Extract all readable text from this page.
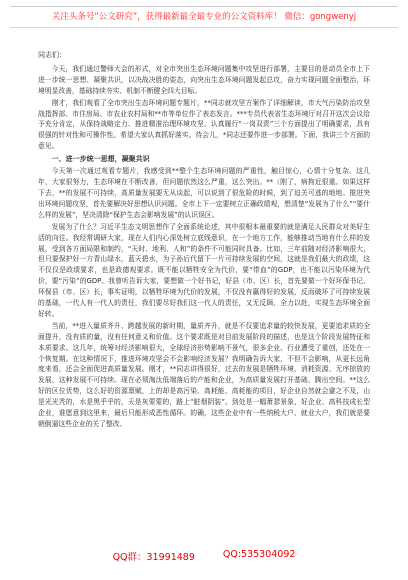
关注头条号“公文研究”，获得最新最全最专业的公文资料库！ 微信：gongwenyj

同志们：

今天，我们通过警师大会的形式，对全市突出生态环境问题集中攻坚进行部署，主要目的是动员全市上下进一步统一思想、凝聚共识，以决战决胜的姿态，向突出生态环境问题发起总攻，奋力实现问题全面整治，环境明显改善，基础持续夯实、机制不断健全四大目标。

刚才，我们观看了全市突出生态环境问题专题片，**同志就攻坚方案作了详细解读，市大气污染防治攻坚战指挥部、市住房局、市农业农村局和**市等单位作了表态发言。***专员代表省生态环境厅对召开这次会议给予充分肯定，从保持战略定力、推进精准治理环境攻坚、认真履行“一岗双责”三个方面提出了明确要求，具有很强的针对性和可操作性。希望大家认真抓好落实。待会儿，*同志还要作进一步部署。下面，我讲三个方面的意见。

一、进一步统一思想，凝聚共识

今天第一次通过观看专题片，我感受到**整个生态环境问题的严重性，触目惊心，心情十分复杂。这几年，大家很努力，生态环境在不断改善，但问题依然这么严重，这么突出。**（刚了，病拘近很重。如果这样下去，**的发展不可持续，高质量发展要无从谈起，可以说到了很危险的时候，到了迫关可逃的地地。推进突出环境问题攻坚，首先要解决好思想认识问题。全市上下一定要树立正确政绩观，想清楚“发展为了什么”“要什么样的发展”，坚决清除“保护生态会影响发展”的认识误区。

发展为了什么？习近平生态文明思想作了全面系统论述，其中很根本最重要的就是满足人民群众对美好生活的向往。我经常调研大家，现在人们内心深处树立底线意识，在一个地方工作，能够推动当地有什么样的发展，受到各方面局限和制约，“天时、地利、人和”的条件不可能同时具备。比如，三年前随对经济影响很大，但只要保护好一方青山绿水，蓝天碧水，为子孙后代留下一片可持续发展的空间，这就是我们最大的政绩，这不仅仅是政绩要求，也是政德观要求。既不能以牺牲安全为代价，要“带血”的GDP，也不能以污染环境为代价，要“污染”的GDP。我曾听告诉大家，要想做一个好书记，好县（市、区）长，首先要做一个好环保书记、环保县（市、区）长，事实证明，以牺牲环境为代价的发展，不仅没有赢得好的发展，反而破坏了可持续发展的基础，一代人有一代人的责任，我们要尽好我们这一代人的责任，又无反顾、全力以赴，实现生态环境全面好转。

当前，**进入量质齐升、跨越发展的新时期，量质齐升，就是不仅要追求量的较快发展，更要追求质的全面提升，没有质的量，没有任何意义和价值。这个要求既是对目前发展阶段的描述，也是这个阶段发展特征和本质要求。这几年，统筹对经济影响很大，全球经济形势影响不景气，很多企业、行业遭受了重创，还处在一个恢复期。在这种情况下，推进环境攻坚会不会影响经济发展？我明确告诉大家，不但不会影响，从更长远角度来看，还会全面促进高质量发展。刚才，**同志讲得很好，过去的发展是牺牲环境、消耗资源、无序掠放的发展，这种发展不可持续。现在必须淘汰低端落后的产能和企业，为高质量发展打开基础、腾出空间。**这么好的区位优势，这么好的资源禀赋，上的却是高污染、高耗能、高耗能的项目，好企业自然就会避之不及，山是光光秃的，水是黑乎乎的，天是灰蒙蒙的，路上“脏烟阴装”。到处是一幅萧瑟景象，好企业、高科技成长型企业，谁愿意到这里来，最后只能形成恶性循环。的确，这些企业中有一些纳税大户、就业大户，我们就是要朝倒逼这些企业的关了整改、

QQ群：31991489	QQ:535304092
